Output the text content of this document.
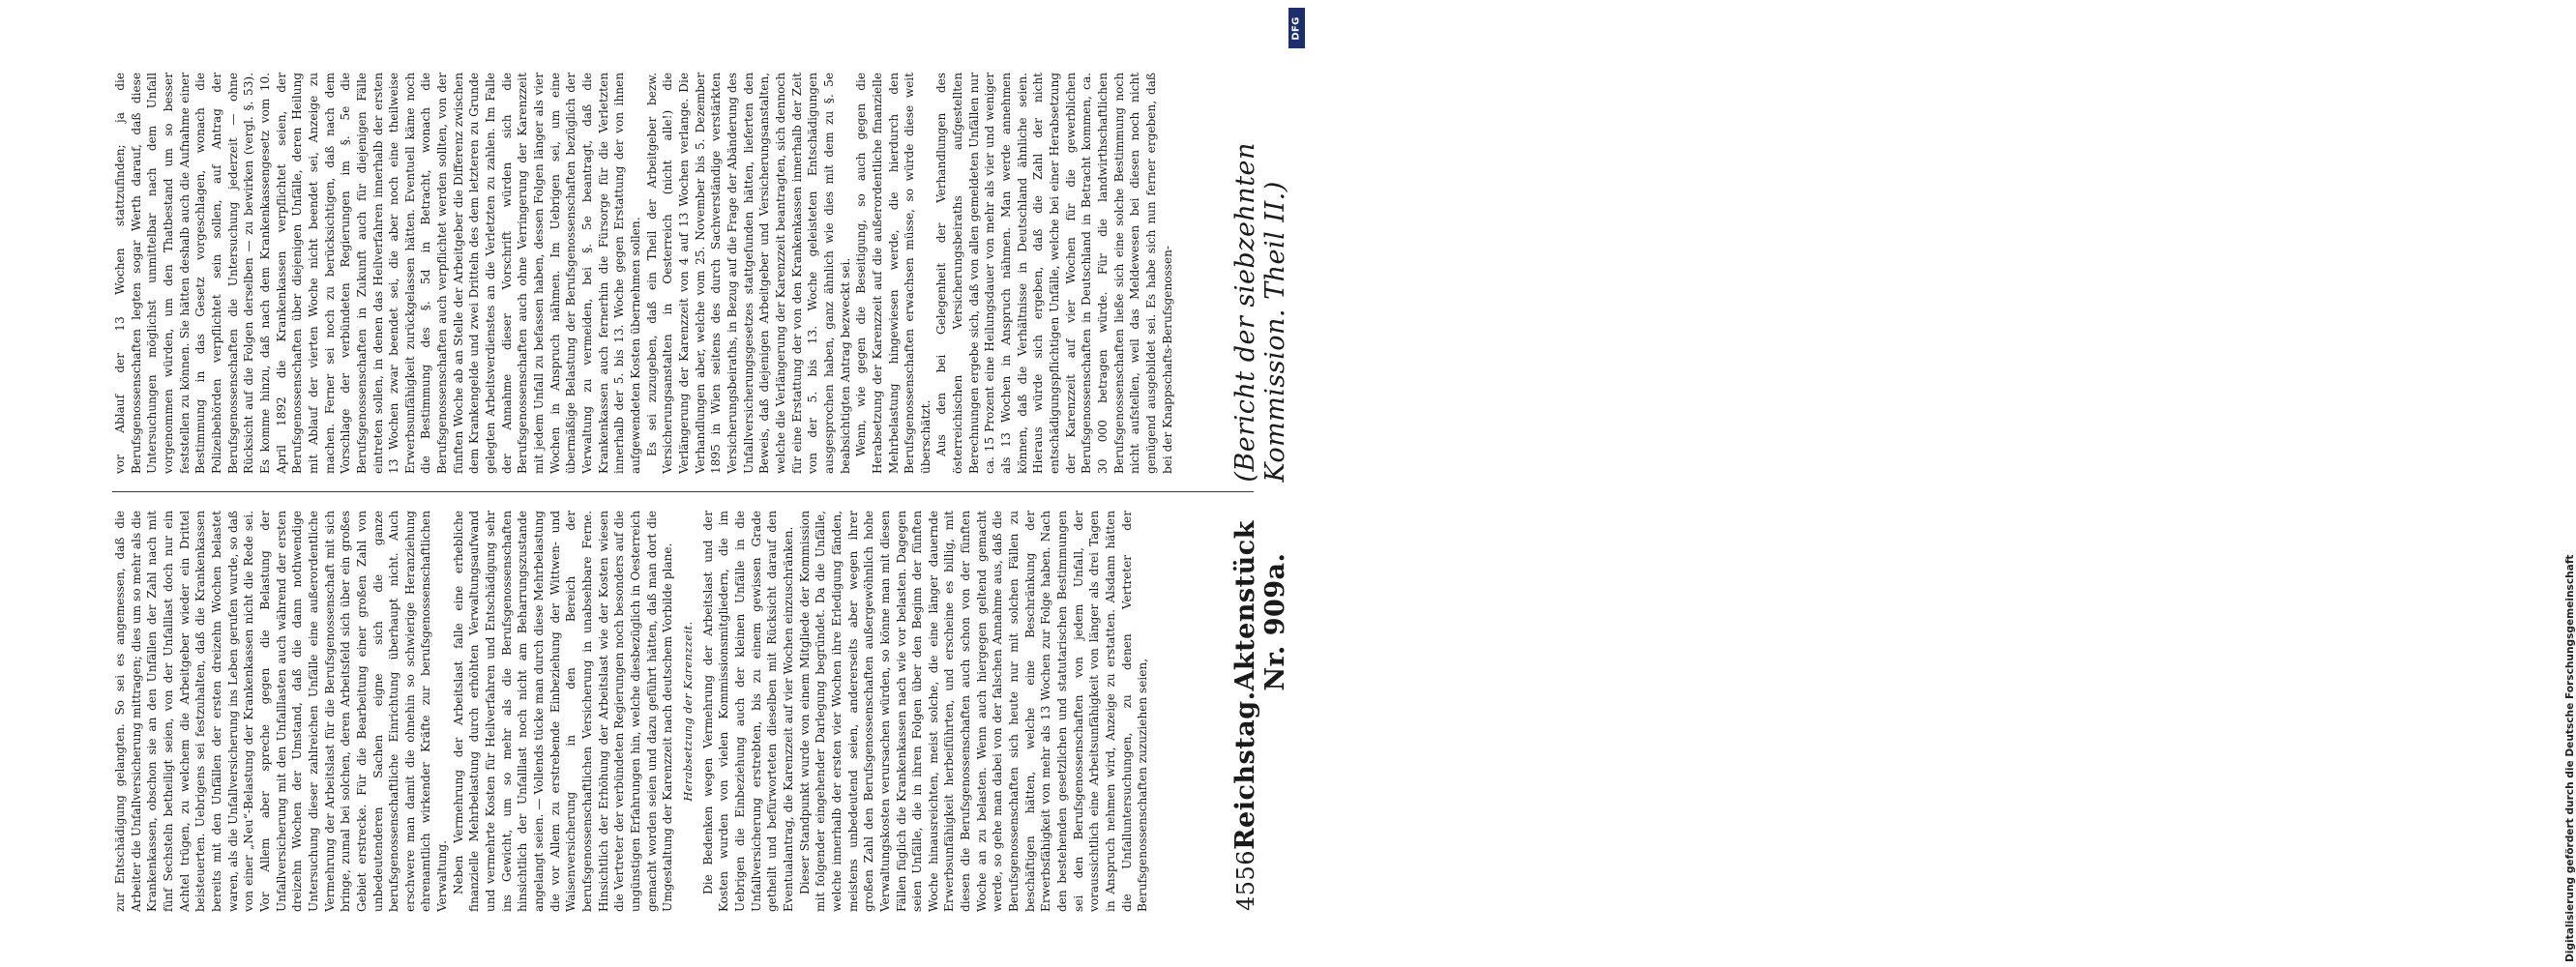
4556
Reichstag.
Aktenstück Nr. 909a.
(Bericht der siebzehnten Kommission. Theil II.)

zur Entschädigung gelangten. So sei es angemessen, daß die Arbeiter die Unfallversicherung mittragen; dies um so mehr als die Krankenkassen, obschon sie an den Unfällen der Zahl nach mit fünf Sechsteln betheiligt seien, von der Unfalllast doch nur ein Achtel trügen, zu welchem die Arbeitgeber wieder ein Drittel beisteuerten. Uebrigens sei festzuhalten, daß die Krankenkassen bereits mit den Unfällen der ersten dreizehn Wochen belastet waren, als die Unfallversicherung ins Leben gerufen wurde, so daß von einer „Neu“-Belastung der Krankenkassen nicht die Rede sei. Vor Allem aber spreche gegen die Belastung der Unfallversicherung mit den Unfalllasten auch während der ersten dreizehn Wochen der Umstand, daß die dann nothwendige Untersuchung dieser zahlreichen Unfälle eine außerordentliche Vermehrung der Arbeitslast für die Berufsgenossenschaft mit sich bringe, zumal bei solchen, deren Arbeitsfeld sich über ein großes Gebiet erstrecke. Für die Bearbeitung einer großen Zahl von unbedeutenderen Sachen eigne sich die ganze berufsgenossenschaftliche Einrichtung überhaupt nicht. Auch erschwere man damit die ohnehin so schwierige Heranziehung ehrenamtlich wirkender Kräfte zur berufsgenossenschaftlichen Verwaltung. Neben Vermehrung der Arbeitslast falle eine erhebliche finanzielle Mehrbelastung durch erhöhten Verwaltungsaufwand und vermehrte Kosten für Heilverfahren und Entschädigung sehr ins Gewicht, um so mehr als die Berufsgenossenschaften hinsichtlich der Unfalllast noch nicht am Beharrungszustande angelangt seien. — Vollends tücke man durch diese Mehrbelastung die vor Allem zu erstrebende Einbeziehung der Wittwen- und Waisenversicherung in den Bereich der berufsgenossenschaftlichen Versicherung in unabsehbare Ferne. Hinsichtlich der Erhöhung der Arbeitslast wie der Kosten wiesen die Vertreter der verbündeten Regierungen noch besonders auf die ungünstigen Erfahrungen hin, welche diesbezüglich in Oesterreich gemacht worden seien und dazu geführt hätten, daß man dort die Umgestaltung der Karenzzeit nach deutschem Vorbilde plane. Herabsetzung der Karenzzeit. Die Bedenken wegen Vermehrung der Arbeitslast und der Kosten wurden von vielen Kommissionsmitgliedern, die im Uebrigen die Einbeziehung auch der kleinen Unfälle in die Unfallversicherung erstrebten, bis zu einem gewissen Grade getheilt und befürworteten dieselben mit Rücksicht darauf den Eventualantrag, die Karenzzeit auf vier Wochen einzuschränken. Dieser Standpunkt wurde von einem Mitgliede der Kommission mit folgender eingehender Darlegung begründet. Da die Unfälle, welche innerhalb der ersten vier Wochen ihre Erledigung fänden, meistens unbedeutend seien, andererseits aber wegen ihrer großen Zahl den Berufsgenossenschaften außergewöhnlich hohe Verwaltungskosten verursachen würden, so könne man mit diesen Fällen füglich die Krankenkassen nach wie vor belasten. Dagegen seien Unfälle, die in ihren Folgen über den Beginn der fünften Woche hinausreichten, meist solche, die eine länger dauernde Erwerbsunfähigkeit herbeiführten, und erscheine es billig, mit diesen die Berufsgenossenschaften auch schon von der fünften Woche an zu belasten. Wenn auch hiergegen geltend gemacht werde, so gehe man dabei von der falschen Annahme aus, daß die Berufsgenossenschaften sich heute nur mit solchen Fällen zu beschäftigen hätten, welche eine Beschränkung der Erwerbsfähigkeit von mehr als 13 Wochen zur Folge haben. Nach den bestehenden gesetzlichen und statutarischen Bestimmungen sei den Berufsgenossenschaften von jedem Unfall, der voraussichtlich eine Arbeitsunfähigkeit von länger als drei Tagen in Anspruch nehmen wird, Anzeige zu erstatten. Alsdann hätten die Unfalluntersuchungen, zu denen Vertreter der Berufsgenossenschaften zuzuziehen seien,

vor Ablauf der 13 Wochen stattzufinden; ja die Berufsgenossenschaften legten sogar Werth darauf, daß diese Untersuchungen möglichst unmittelbar nach dem Unfall vorgenommen würden, um den Thatbestand um so besser feststellen zu können. Sie hätten deshalb auch die Aufnahme einer Bestimmung in das Gesetz vorgeschlagen, wonach die Polizeibehörden verpflichtet sein sollen, auf Antrag der Berufsgenossenschaften die Untersuchung jederzeit — ohne Rücksicht auf die Folgen derselben — zu bewirken (vergl. §. 53). Es komme hinzu, daß nach dem Krankenkassengesetz vom 10. April 1892 die Krankenkassen verpflichtet seien, der Berufsgenossenschaften über diejenigen Unfälle, deren Heilung mit Ablauf der vierten Woche nicht beendet sei, Anzeige zu machen. Ferner sei noch zu berücksichtigen, daß nach dem Vorschlage der verbündeten Regierungen im §. 5e die Berufsgenossenschaften in Zukunft auch für diejenigen Fälle eintreten sollen, in denen das Heilverfahren innerhalb der ersten 13 Wochen zwar beendet sei, die aber noch eine theilweise Erwerbsunfähigkeit zurückgelassen hätten. Eventuell käme noch die Bestimmung des §. 5d in Betracht, wonach die Berufsgenossenschaften auch verpflichtet werden sollten, von der fünften Woche ab an Stelle der Arbeitgeber die Differenz zwischen dem Krankengelde und zwei Dritteln des dem letzteren zu Grunde gelegten Arbeitsverdienstes an die Verletzten zu zahlen. Im Falle der Annahme dieser Vorschrift würden sich die Berufsgenossenschaften auch ohne Verringerung der Karenzzeit mit jedem Unfall zu befassen haben, dessen Folgen länger als vier Wochen in Anspruch nähmen. Im Uebrigen sei, um eine übermäßige Belastung der Berufsgenossenschaften bezüglich der Verwaltung zu vermeiden, bei §. 5e beantragt, daß die Krankenkassen auch fernerhin die Fürsorge für die Verletzten innerhalb der 5. bis 13. Woche gegen Erstattung der von ihnen aufgewendeten Kosten übernehmen sollen. Es sei zuzugeben, daß ein Theil der Arbeitgeber bezw. Versicherungsanstalten in Oesterreich (nicht alle!) die Verlängerung der Karenzzeit von 4 auf 13 Wochen verlange. Die Verhandlungen aber, welche vom 25. November bis 5. Dezember 1895 in Wien seitens des durch Sachverständige verstärkten Versicherungsbeiraths, in Bezug auf die Frage der Abänderung des Unfallversicherungsgesetzes stattgefunden hätten, lieferten den Beweis, daß diejenigen Arbeitgeber und Versicherungsanstalten, welche die Verlängerung der Karenzzeit beantragten, sich dennoch für eine Erstattung der von den Krankenkassen innerhalb der Zeit von der 5. bis 13. Woche geleisteten Entschädigungen ausgesprochen haben, ganz ähnlich wie dies mit dem zu §. 5e beabsichtigten Antrag bezweckt sei. Wenn, wie gegen die Beseitigung, so auch gegen die Herabsetzung der Karenzzeit auf die außerordentliche finanzielle Mehrbelastung hingewiesen werde, die hierdurch den Berufsgenossenschaften erwachsen müsse, so würde diese weit überschätzt. Aus den bei Gelegenheit der Verhandlungen des österreichischen Versicherungsbeiraths aufgestellten Berechnungen ergebe sich, daß von allen gemeldeten Unfällen nur ca. 15 Prozent eine Heilungsdauer von mehr als vier und weniger als 13 Wochen in Anspruch nähmen. Man werde annehmen können, daß die Verhältnisse in Deutschland ähnliche seien. Hieraus würde sich ergeben, daß die Zahl der nicht entschädigungspflichtigen Unfälle, welche bei einer Herabsetzung der Karenzzeit auf vier Wochen für die gewerblichen Berufsgenossenschaften in Deutschland in Betracht kommen, ca. 30 000 betragen würde. Für die landwirthschaftlichen Berufsgenossenschaften ließe sich eine solche Bestimmung noch nicht aufstellen, weil das Meldewesen bei diesen noch nicht genügend ausgebildet sei. Es habe sich nun ferner ergeben, daß bei der Knappschafts-Berufsgenossen-

Digitalisierung gefördert durch die Deutsche Forschungsgemeinschaft
DFG
